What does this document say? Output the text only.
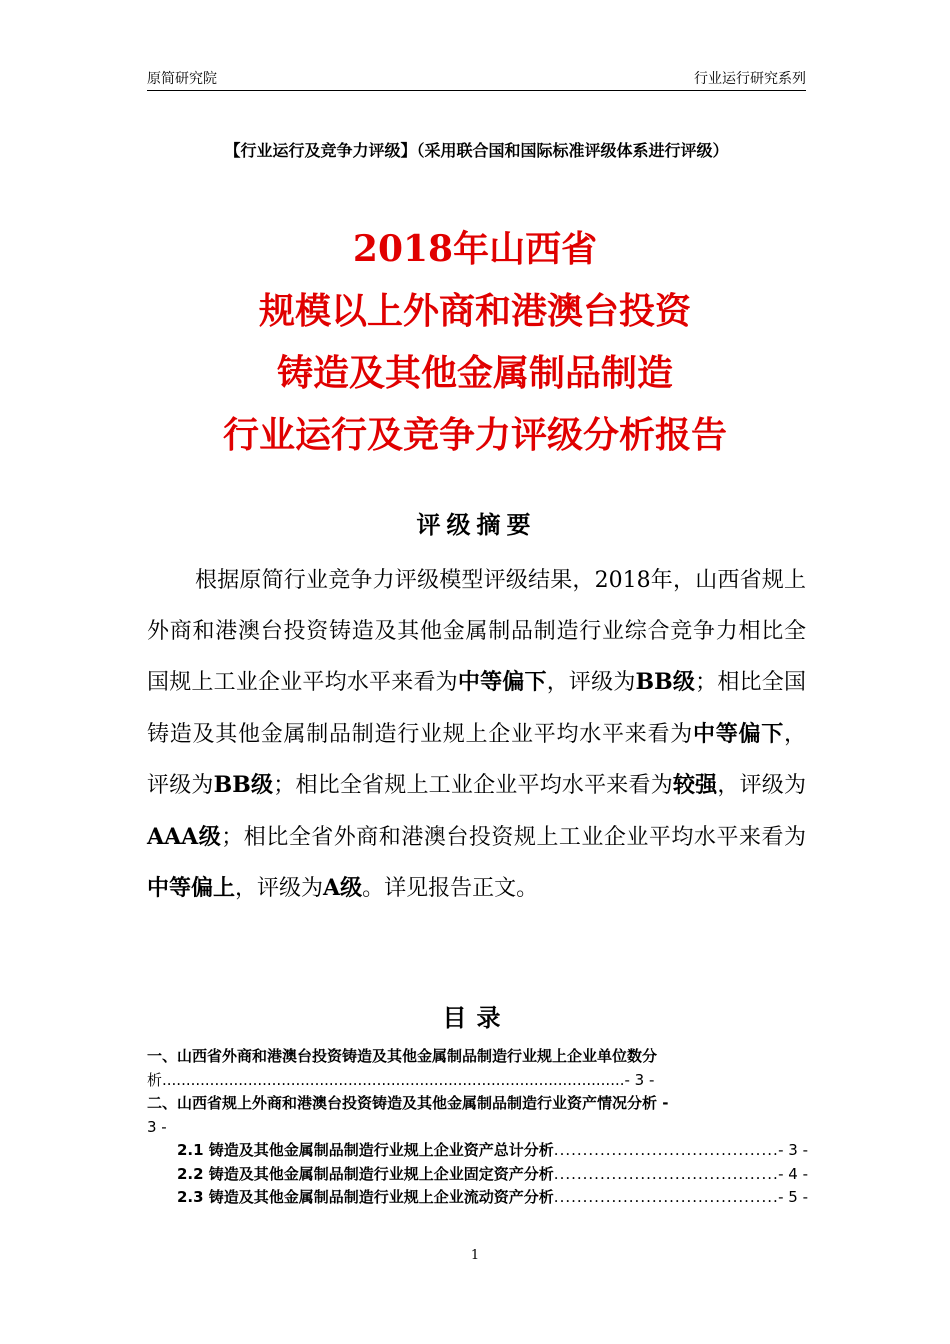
原简研究院	行业运行研究系列
【行业运行及竞争力评级】（采用联合国和国际标准评级体系进行评级）
2018年山西省
规模以上外商和港澳台投资
铸造及其他金属制品制造
行业运行及竞争力评级分析报告
评级摘要

根据原简行业竞争力评级模型评级结果，2018年，山西省规上外商和港澳台投资铸造及其他金属制品制造行业综合竞争力相比全国规上工业企业平均水平来看为中等偏下，评级为BB级；相比全国铸造及其他金属制品制造行业规上企业平均水平来看为中等偏下，评级为BB级；相比全省规上工业企业平均水平来看为较强，评级为AAA级；相比全省外商和港澳台投资规上工业企业平均水平来看为中等偏上，评级为A级。详见报告正文。

目录
一、山西省外商和港澳台投资铸造及其他金属制品制造行业规上企业单位数分
析.................................................................................................- 3 -
二、山西省规上外商和港澳台投资铸造及其他金属制品制造行业资产情况分析 -
3 -
2.1 铸造及其他金属制品制造行业规上企业资产总计分析 .....	- 3 -
2.2 铸造及其他金属制品制造行业规上企业固定资产分析 .....	- 4 -
2.3 铸造及其他金属制品制造行业规上企业流动资产分析 .....	- 5 -
1
